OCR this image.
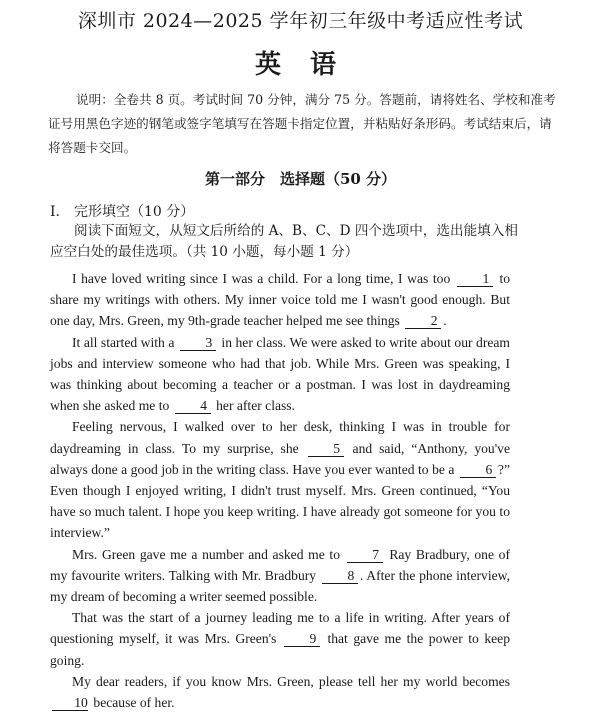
深圳市 2024—2025 学年初三年级中考适应性考试
英 语
说明：全卷共 8 页。考试时间 70 分钟，满分 75 分。答题前，请将姓名、学校和准考证号用黑色字迹的钢笔或签字笔填写在答题卡指定位置，并粘贴好条形码。考试结束后，请将答题卡交回。
第一部分　选择题（50 分）
I. 完形填空（10 分）
阅读下面短文，从短文后所给的 A、B、C、D 四个选项中，选出能填入相应空白处的最佳选项。（共 10 小题，每小题 1 分）

I have loved writing since I was a child. For a long time, I was too 1 to share my writings with others. My inner voice told me I wasn't good enough. But one day, Mrs. Green, my 9th-grade teacher helped me see things 2 .

It all started with a 3 in her class. We were asked to write about our dream jobs and interview someone who had that job. While Mrs. Green was speaking, I was thinking about becoming a teacher or a postman. I was lost in daydreaming when she asked me to 4 her after class.

Feeling nervous, I walked over to her desk, thinking I was in trouble for daydreaming in class. To my surprise, she	5 and said, “Anthony, you've always done a good job in the writing class. Have you ever wanted to be a 6 ?” Even though I enjoyed writing, I didn't trust myself. Mrs. Green continued, “You have so much talent. I hope you keep writing. I have already got someone for you to interview.”

Mrs. Green gave me a number and asked me to 7 Ray Bradbury, one of my favourite writers. Talking with Mr. Bradbury 8 . After the phone interview, my dream of becoming a writer seemed possible.

That was the start of a journey leading me to a life in writing. After years of questioning myself, it was Mrs. Green's 9 that gave me the power to keep going.

My dear readers, if you know Mrs. Green, please tell her my world becomes 10 because of her.
